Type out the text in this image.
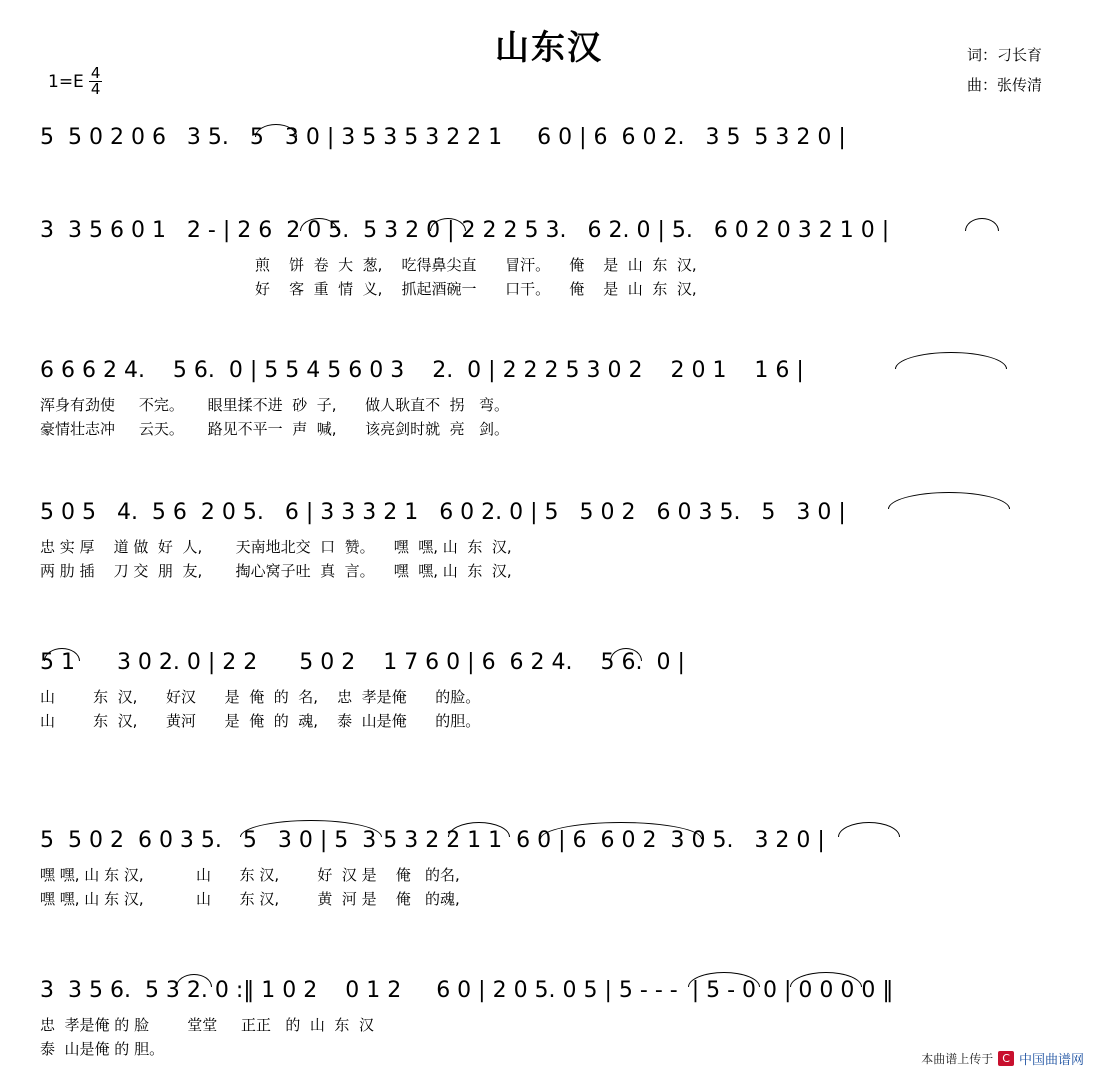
山东汉	词：刁长育
曲：张传清
$1=E \frac{4}{4}$
5  5 0 2 0 6   3 5.   5   3 0 | 3 5 3 5 3 2 2 1     6 0 | 6  6 0 2.   3 5  5 3 2 0 |
3  3 5 6 0 1   2 - | 2 6  2 0 5.  5 3 2 0 | 2 2 2 5 3.   6 2. 0 | 5.   6 0 2 0 3 2 1 0 |
煎    饼  卷  大  葱,    吃得鼻尖直      冒汗。    俺    是  山  东  汉,
好    客  重  情  义,    抓起酒碗一      口干。    俺    是  山  东  汉,
6 6 6 2 4.    5 6.  0 | 5 5 4 5 6 0 3    2.  0 | 2 2 2 5 3 0 2    2 0 1    1 6 |
浑身有劲使     不完。     眼里揉不进  砂  子,      做人耿直不  拐   弯。
豪情壮志冲     云天。     路见不平一  声  喊,      该亮剑时就  亮   剑。
5 0 5   4.  5 6  2 0 5.   6 | 3 3 3 2 1   6 0 2. 0 | 5   5 0 2   6 0 3 5.   5   3 0 |
忠 实 厚    道 做  好  人,       天南地北交  口  赞。    嘿  嘿, 山  东  汉,
两 肋 插    刀 交  朋  友,       掏心窝子吐  真  言。    嘿  嘿, 山  东  汉,
5 1      3 0 2. 0 | 2 2      5 0 2    1 7 6 0 | 6  6 2 4.    5 6.  0 |
山        东  汉,      好汉      是  俺  的  名,    忠  孝是俺      的脸。
山        东  汉,      黄河      是  俺  的  魂,    泰  山是俺      的胆。
5  5 0 2  6 0 3 5.   5   3 0 | 5  3 5 3 2 2 1 1  6 0 | 6  6 0 2  3 0 5.   3 2 0 |
嘿 嘿, 山 东 汉,           山      东 汉,        好  汉 是    俺   的名,
嘿 嘿, 山 东 汉,           山      东 汉,        黄  河 是    俺   的魂,
3  3 5 6.  5 3 2. 0 :‖ 1 0 2    0 1 2     6 0 | 2 0 5. 0 5 | 5 - - -  | 5 - 0 0 | 0 0 0 0 ‖
忠  孝是俺 的 脸        堂堂     正正   的  山  东  汉
泰  山是俺 的 胆。
本曲谱上传于 C 中国曲谱网
